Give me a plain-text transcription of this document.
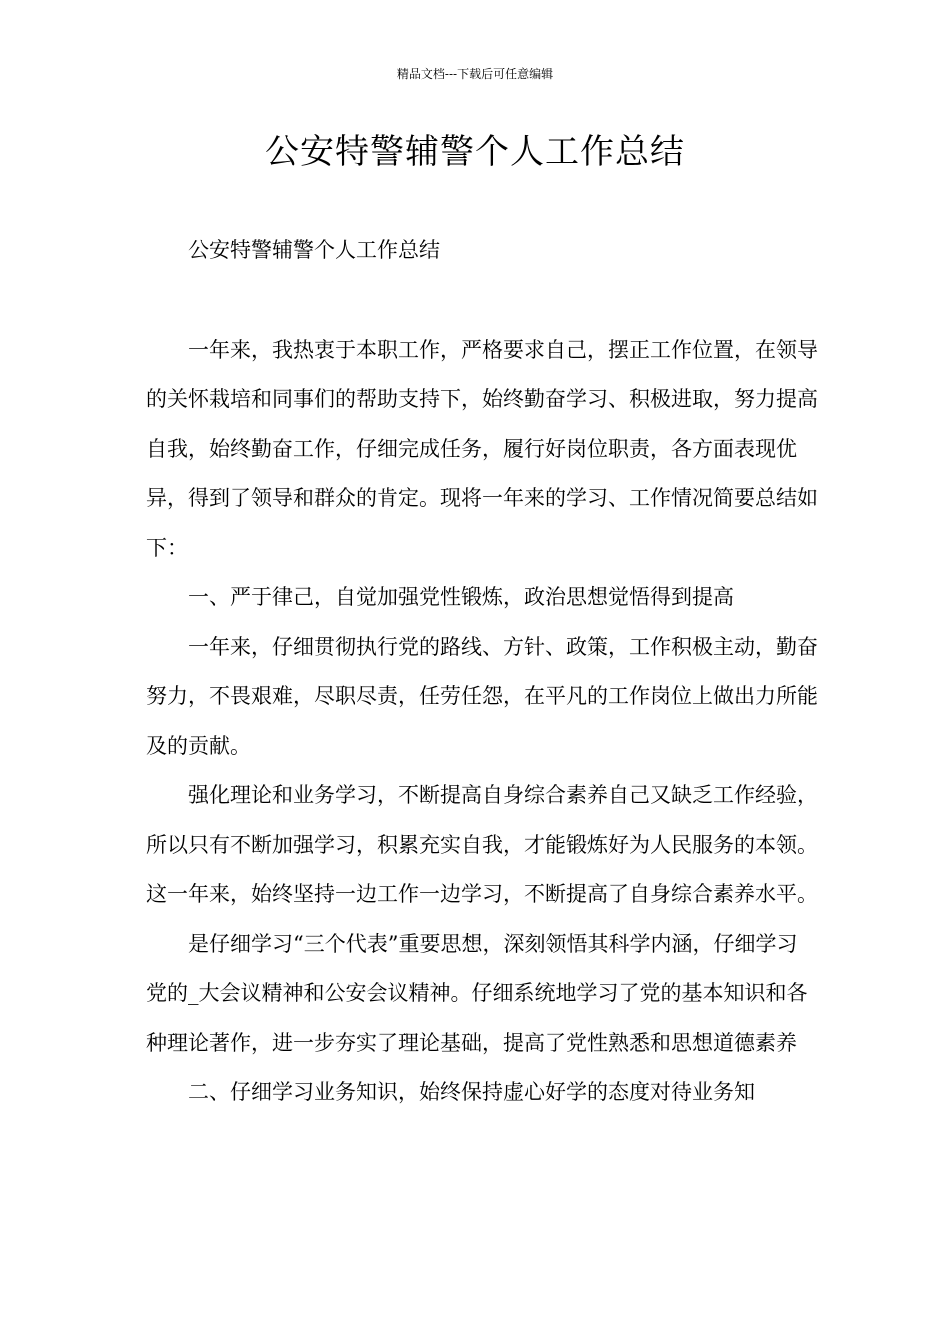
精品文档---下载后可任意编辑
公安特警辅警个人工作总结

公安特警辅警个人工作总结

一年来，我热衷于本职工作，严格要求自己，摆正工作位置，在领导的关怀栽培和同事们的帮助支持下，始终勤奋学习、积极进取，努力提高自我，始终勤奋工作，仔细完成任务，履行好岗位职责，各方面表现优异，得到了领导和群众的肯定。现将一年来的学习、工作情况简要总结如下：

一、严于律己，自觉加强党性锻炼，政治思想觉悟得到提高

一年来，仔细贯彻执行党的路线、方针、政策，工作积极主动，勤奋努力，不畏艰难，尽职尽责，任劳任怨，在平凡的工作岗位上做出力所能及的贡献。

强化理论和业务学习，不断提高自身综合素养自己又缺乏工作经验，所以只有不断加强学习，积累充实自我，才能锻炼好为人民服务的本领。这一年来，始终坚持一边工作一边学习，不断提高了自身综合素养水平。

是仔细学习“三个代表”重要思想，深刻领悟其科学内涵，仔细学习党的_大会议精神和公安会议精神。仔细系统地学习了党的基本知识和各种理论著作，进一步夯实了理论基础，提高了党性熟悉和思想道德素养

二、仔细学习业务知识，始终保持虚心好学的态度对待业务知
